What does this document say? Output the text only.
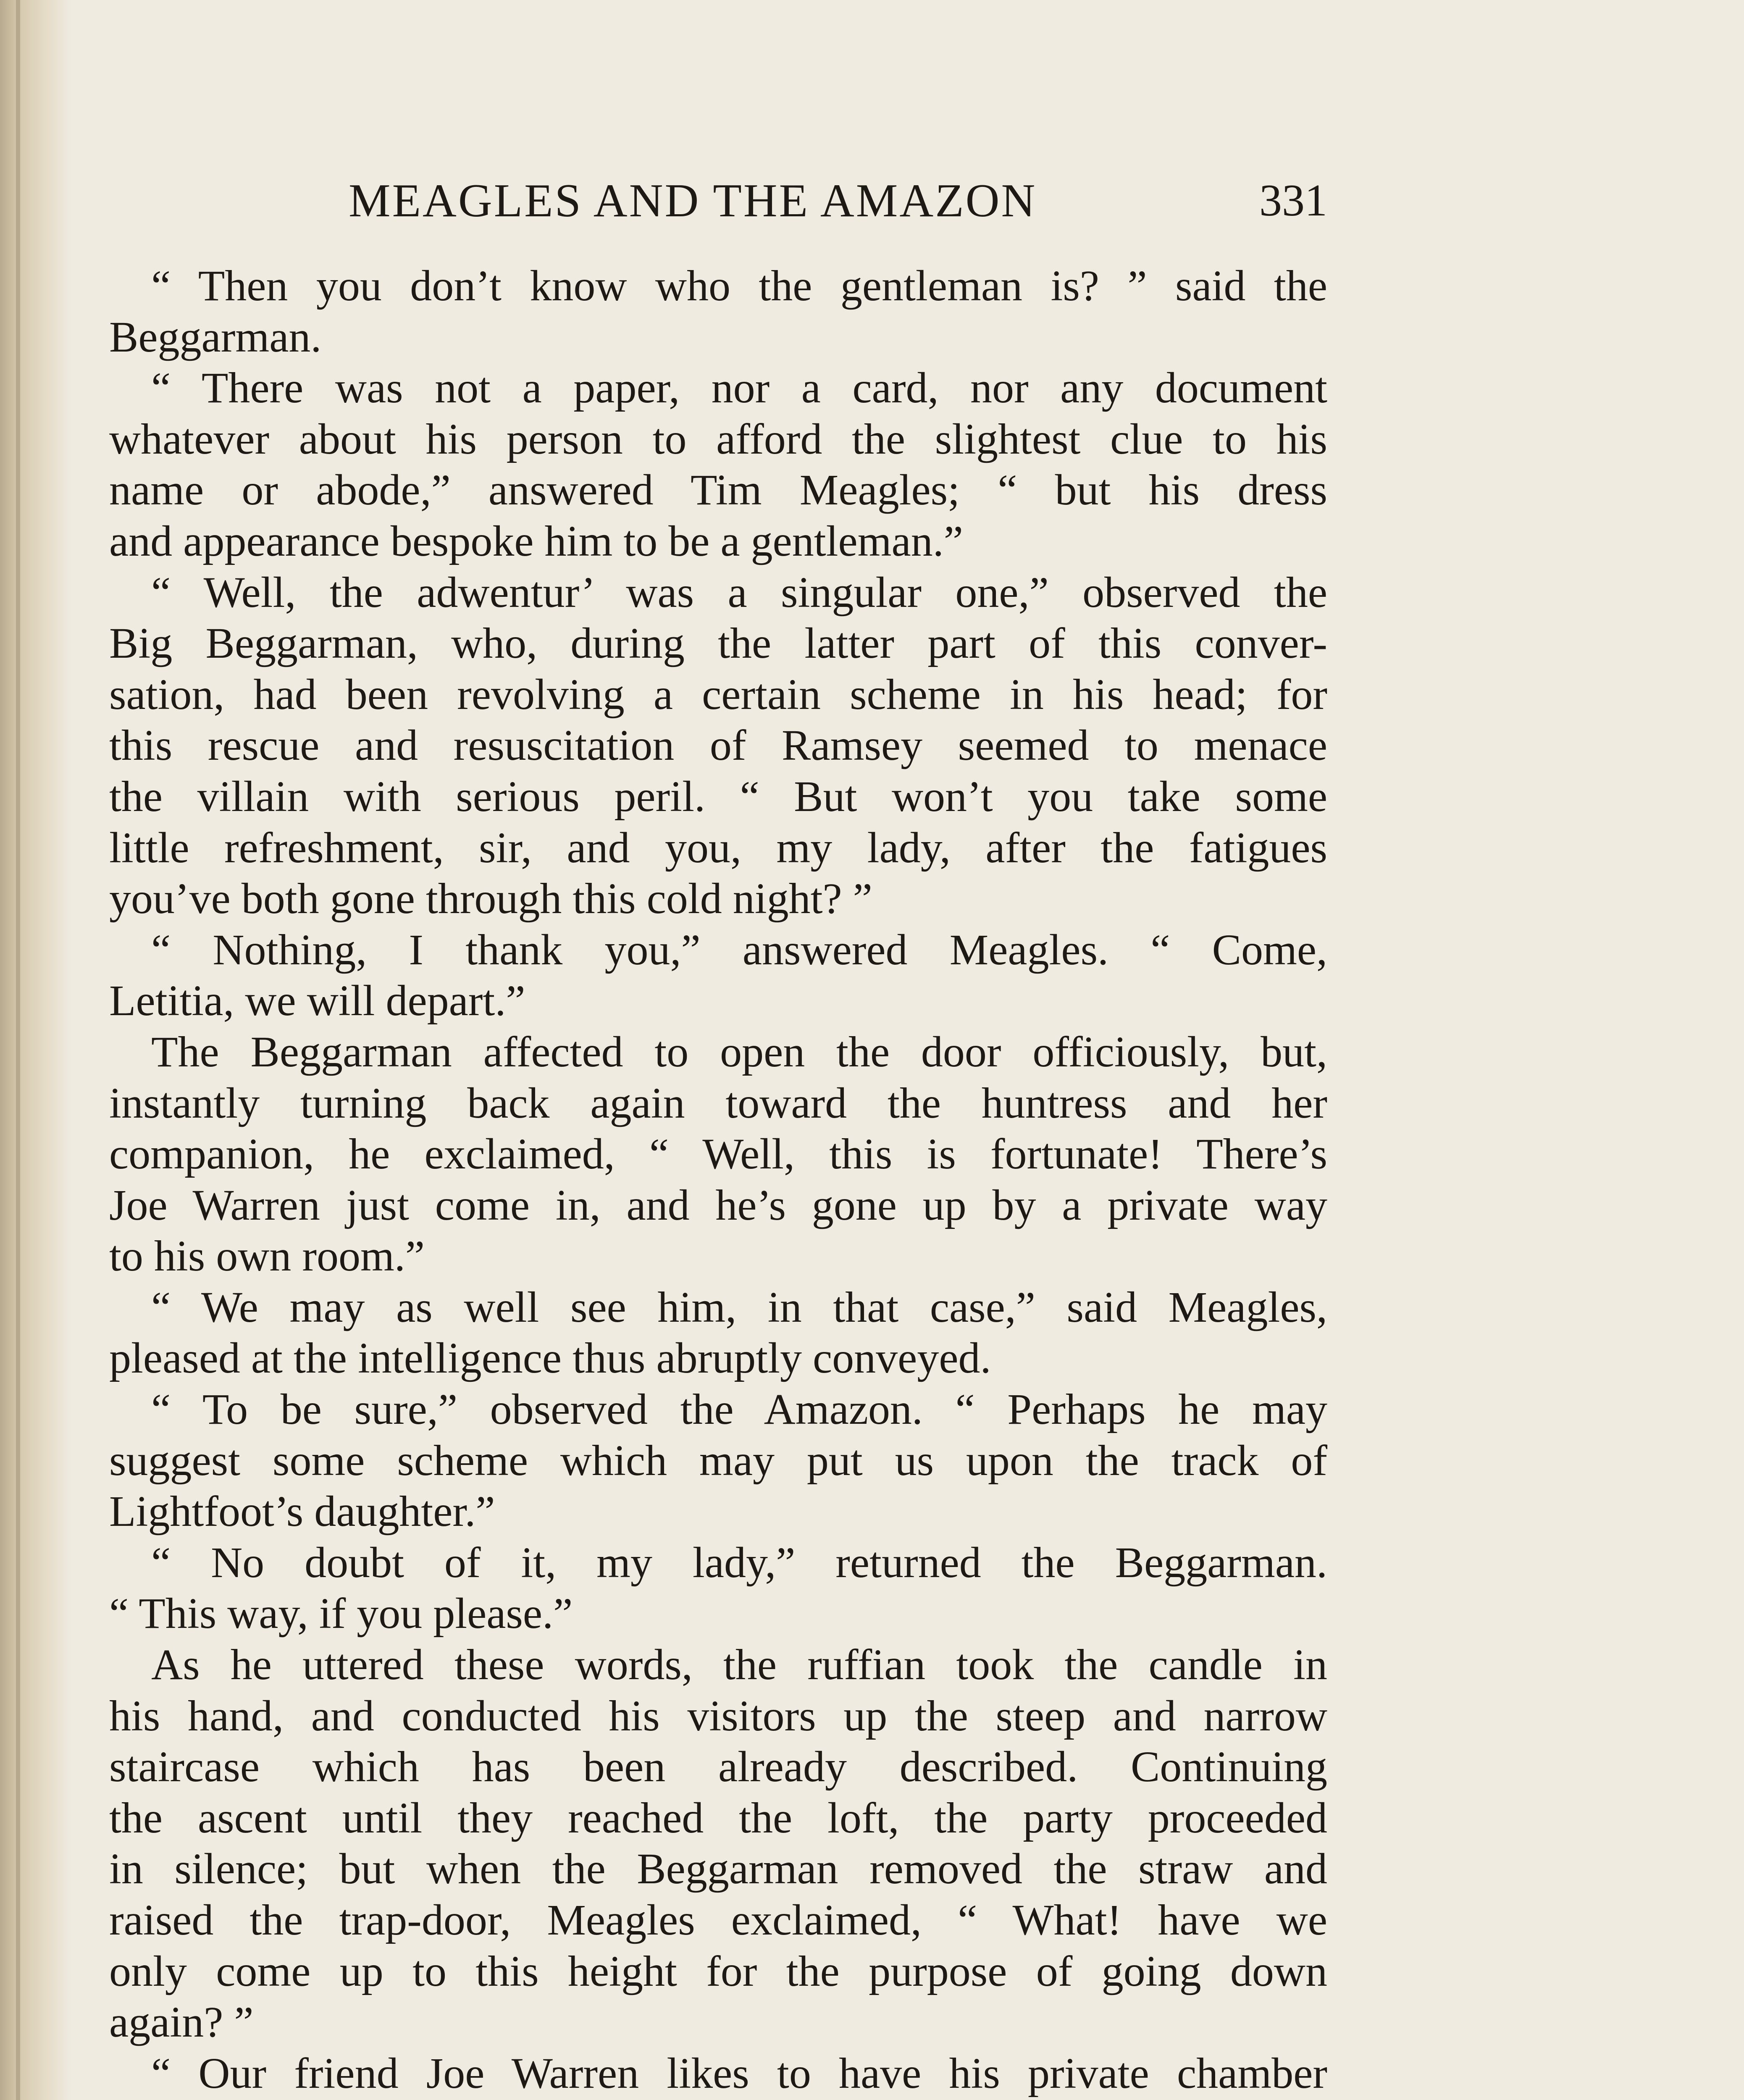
MEAGLES AND THE AMAZON	331
“ Then you don’t know who the gentleman is? ” said the
Beggarman.
“ There was not a paper, nor a card, nor any document
whatever about his person to afford the slightest clue to his
name or abode,” answered Tim Meagles; “ but his dress
and appearance bespoke him to be a gentleman.”
“ Well, the adwentur’ was a singular one,” observed the
Big Beggarman, who, during the latter part of this conver-
sation, had been revolving a certain scheme in his head; for
this rescue and resuscitation of Ramsey seemed to menace
the villain with serious peril. “ But won’t you take some
little refreshment, sir, and you, my lady, after the fatigues
you’ve both gone through this cold night? ”
“ Nothing, I thank you,” answered Meagles. “ Come,
Letitia, we will depart.”
The Beggarman affected to open the door officiously, but,
instantly turning back again toward the huntress and her
companion, he exclaimed, “ Well, this is fortunate! There’s
Joe Warren just come in, and he’s gone up by a private way
to his own room.”
“ We may as well see him, in that case,” said Meagles,
pleased at the intelligence thus abruptly conveyed.
“ To be sure,” observed the Amazon. “ Perhaps he may
suggest some scheme which may put us upon the track of
Lightfoot’s daughter.”
“ No doubt of it, my lady,” returned the Beggarman.
“ This way, if you please.”
As he uttered these words, the ruffian took the candle in
his hand, and conducted his visitors up the steep and narrow
staircase which has been already described. Continuing
the ascent until they reached the loft, the party proceeded
in silence; but when the Beggarman removed the straw and
raised the trap-door, Meagles exclaimed, “ What! have we
only come up to this height for the purpose of going down
again? ”
“ Our friend Joe Warren likes to have his private chamber
